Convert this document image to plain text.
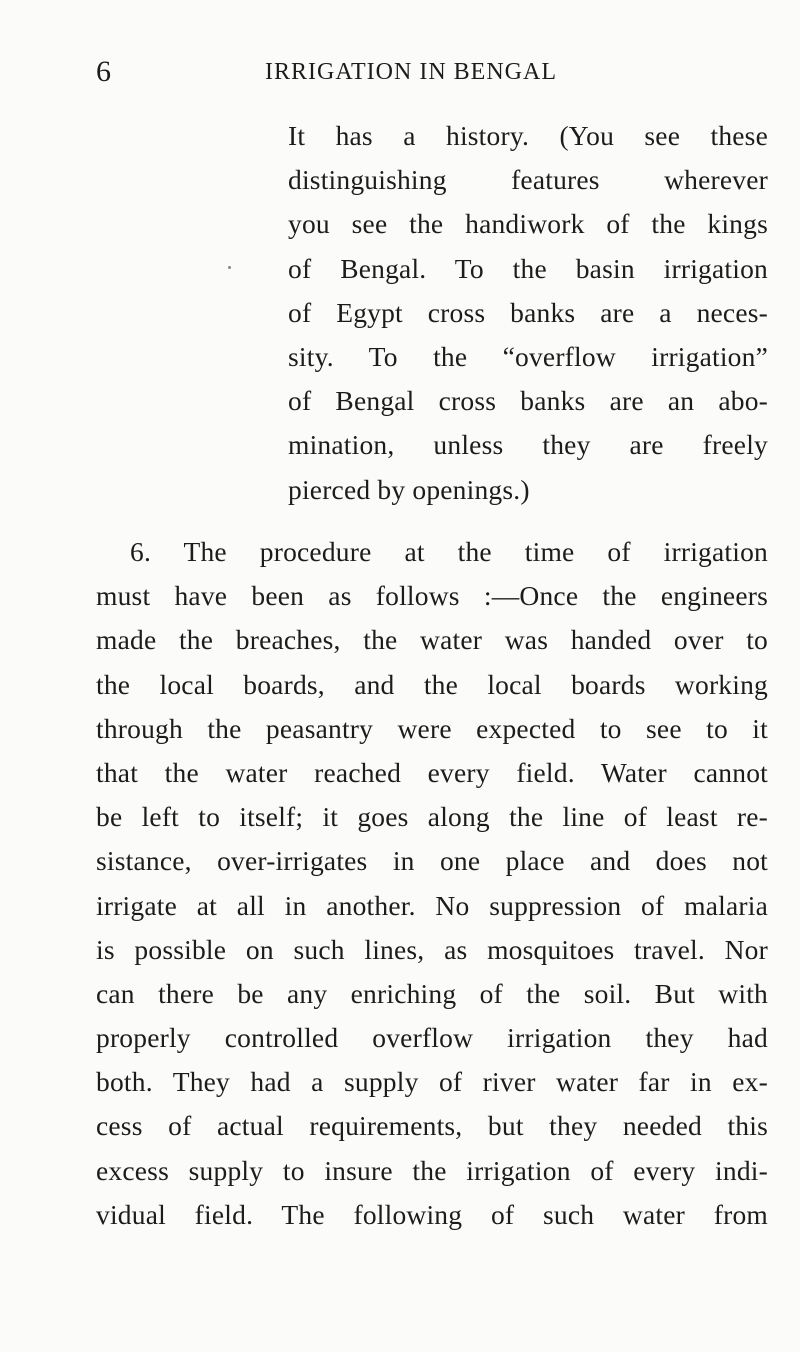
6	IRRIGATION IN BENGAL
It has a history. (You see these
distinguishing features wherever
you see the handiwork of the kings
of Bengal. To the basin irrigation
of Egypt cross banks are a neces-
sity. To the “overflow irrigation”
of Bengal cross banks are an abo-
mination, unless they are freely
pierced by openings.)
6. The procedure at the time of irrigation
must have been as follows :—Once the engineers
made the breaches, the water was handed over to
the local boards, and the local boards working
through the peasantry were expected to see to it
that the water reached every field. Water cannot
be left to itself; it goes along the line of least re-
sistance, over-irrigates in one place and does not
irrigate at all in another. No suppression of malaria
is possible on such lines, as mosquitoes travel. Nor
can there be any enriching of the soil. But with
properly controlled overflow irrigation they had
both. They had a supply of river water far in ex-
cess of actual requirements, but they needed this
excess supply to insure the irrigation of every indi-
vidual field. The following of such water from
